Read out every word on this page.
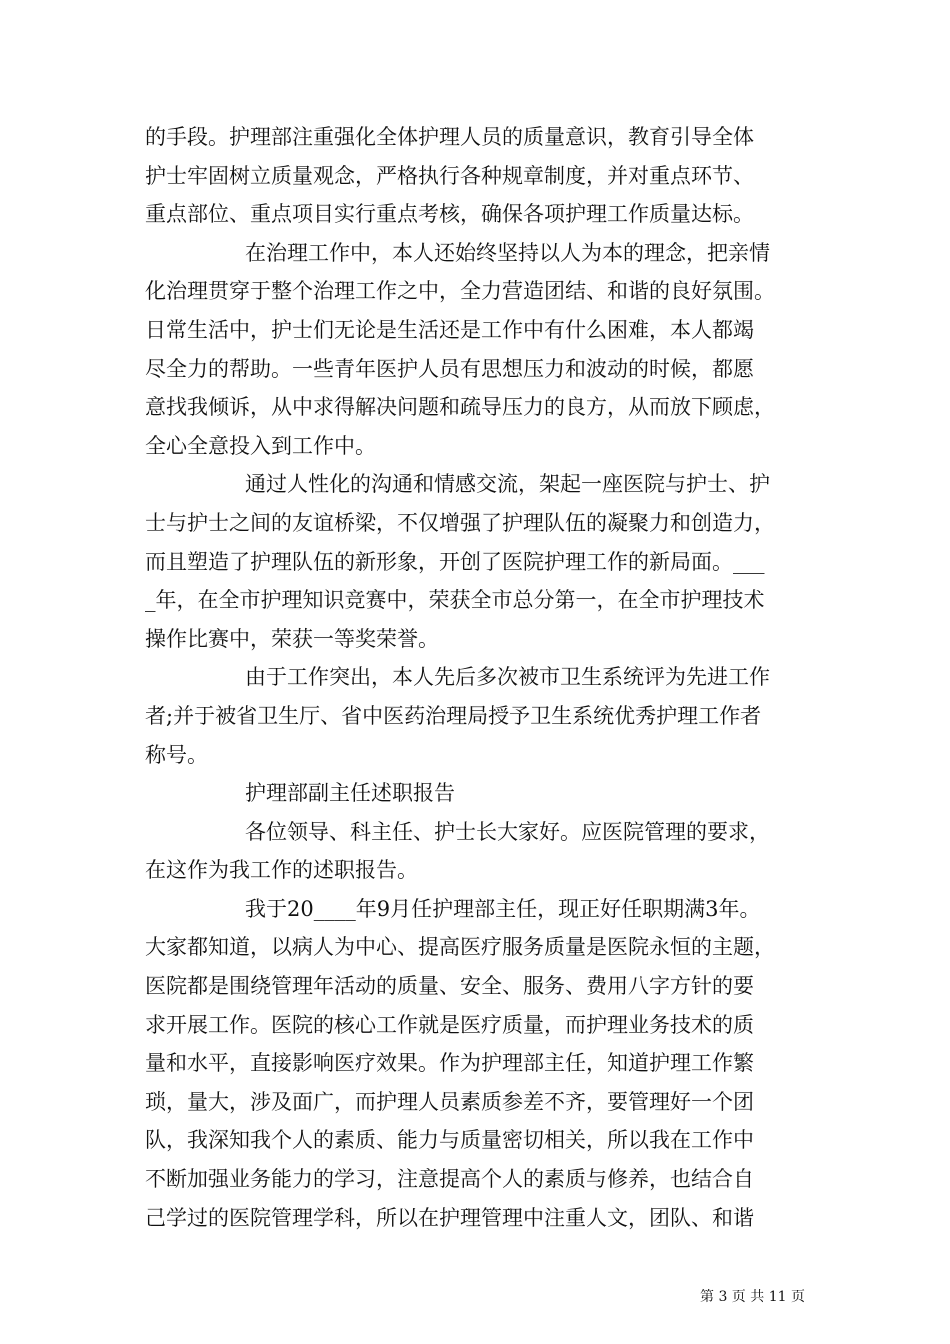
的手段。护理部注重强化全体护理人员的质量意识，教育引导全体
护士牢固树立质量观念，严格执行各种规章制度，并对重点环节、
重点部位、重点项目实行重点考核，确保各项护理工作质量达标。
在治理工作中，本人还始终坚持以人为本的理念，把亲情
化治理贯穿于整个治理工作之中，全力营造团结、和谐的良好氛围。
日常生活中，护士们无论是生活还是工作中有什么困难，本人都竭
尽全力的帮助。一些青年医护人员有思想压力和波动的时候，都愿
意找我倾诉，从中求得解决问题和疏导压力的良方，从而放下顾虑，
全心全意投入到工作中。
通过人性化的沟通和情感交流，架起一座医院与护士、护
士与护士之间的友谊桥梁，不仅增强了护理队伍的凝聚力和创造力，
而且塑造了护理队伍的新形象，开创了医院护理工作的新局面。___
_年，在全市护理知识竞赛中，荣获全市总分第一，在全市护理技术
操作比赛中，荣获一等奖荣誉。
由于工作突出，本人先后多次被市卫生系统评为先进工作
者;并于被省卫生厅、省中医药治理局授予卫生系统优秀护理工作者
称号。
护理部副主任述职报告
各位领导、科主任、护士长大家好。应医院管理的要求，
在这作为我工作的述职报告。
我于20____年9月任护理部主任，现正好任职期满3年。
大家都知道，以病人为中心、提高医疗服务质量是医院永恒的主题，
医院都是围绕管理年活动的质量、安全、服务、费用八字方针的要
求开展工作。医院的核心工作就是医疗质量，而护理业务技术的质
量和水平，直接影响医疗效果。作为护理部主任，知道护理工作繁
琐，量大，涉及面广，而护理人员素质参差不齐，要管理好一个团
队，我深知我个人的素质、能力与质量密切相关，所以我在工作中
不断加强业务能力的学习，注意提高个人的素质与修养，也结合自
己学过的医院管理学科，所以在护理管理中注重人文，团队、和谐
第 3 页 共 11 页
